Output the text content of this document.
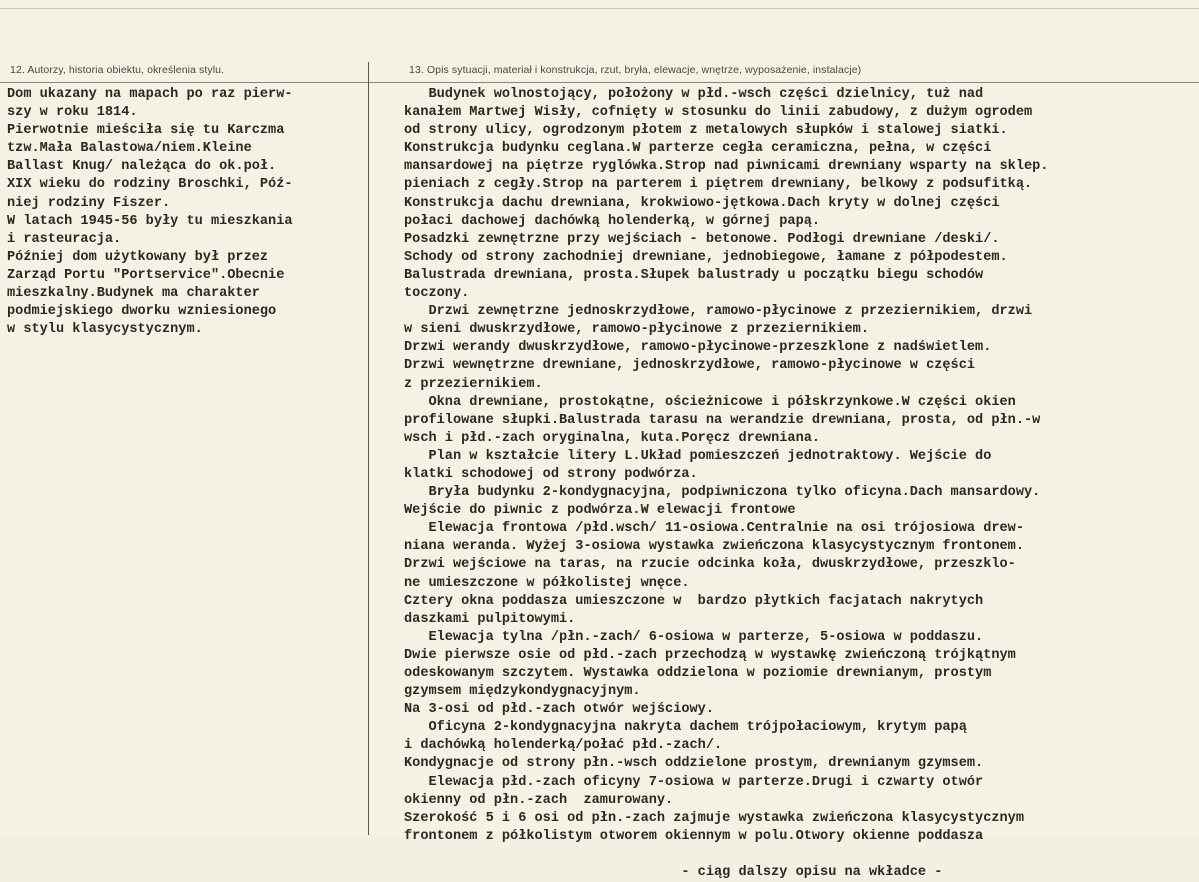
12. Autorzy, historia obiektu, określenia stylu.	13. Opis sytuacji, materiał i konstrukcja, rzut, bryła, elewacje, wnętrze, wyposażenie, instalacje)
Dom ukazany na mapach po raz pierw-
szy w roku 1814.
Pierwotnie mieściła się tu Karczma
tzw.Mała Balastowa/niem.Kleine
Ballast Knug/ należąca do ok.poł.
XIX wieku do rodziny Broschki, Póź-
niej rodziny Fiszer.
W latach 1945-56 były tu mieszkania
i rasteuracja.
Później dom użytkowany był przez
Zarząd Portu "Portservice".Obecnie
mieszkalny.Budynek ma charakter
podmiejskiego dworku wzniesionego
w stylu klasycystycznym.
Budynek wolnostojący, położony w płd.-wsch części dzielnicy, tuż nad
kanałem Martwej Wisły, cofnięty w stosunku do linii zabudowy, z dużym ogrodem
od strony ulicy, ogrodzonym płotem z metalowych słupków i stalowej siatki.
Konstrukcja budynku ceglana.W parterze cegła ceramiczna, pełna, w części
mansardowej na piętrze ryglówka.Strop nad piwnicami drewniany wsparty na sklep.
pieniach z cegły.Strop na parterem i piętrem drewniany, belkowy z podsufitką.
Konstrukcja dachu drewniana, krokwiowo-jętkowa.Dach kryty w dolnej części
połaci dachowej dachówką holenderką, w górnej papą.
Posadzki zewnętrzne przy wejściach - betonowe. Podłogi drewniane /deski/.
Schody od strony zachodniej drewniane, jednobiegowe, łamane z półpodestem.
Balustrada drewniana, prosta.Słupek balustrady u początku biegu schodów
toczony.
Drzwi zewnętrzne jednoskrzydłowe, ramowo-płycinowe z przeziernikiem, drzwi
w sieni dwuskrzydłowe, ramowo-płycinowe z przeziernikiem.
Drzwi werandy dwuskrzydłowe, ramowo-płycinowe-przeszklone z nadświetlem.
Drzwi wewnętrzne drewniane, jednoskrzydłowe, ramowo-płycinowe w części
z przeziernikiem.
Okna drewniane, prostokątne, ościeżnicowe i półskrzynkowe.W części okien
profilowane słupki.Balustrada tarasu na werandzie drewniana, prosta, od płn.-w
wsch i płd.-zach oryginalna, kuta.Poręcz drewniana.
Plan w kształcie litery L.Układ pomieszczeń jednotraktowy. Wejście do
klatki schodowej od strony podwórza.
Bryła budynku 2-kondygnacyjna, podpiwniczona tylko oficyna.Dach mansardowy.
Wejście do piwnic z podwórza.W elewacji frontowe
Elewacja frontowa /płd.wsch/ 11-osiowa.Centralnie na osi trójosiowa drew-
niana weranda. Wyżej 3-osiowa wystawka zwieńczona klasycystycznym frontonem.
Drzwi wejściowe na taras, na rzucie odcinka koła, dwuskrzydłowe, przeszklo-
ne umieszczone w półkolistej wnęce.
Cztery okna poddasza umieszczone w  bardzo płytkich facjatach nakrytych
daszkami pulpitowymi.
Elewacja tylna /płn.-zach/ 6-osiowa w parterze, 5-osiowa w poddaszu.
Dwie pierwsze osie od płd.-zach przechodzą w wystawkę zwieńczoną trójkątnym
odeskowanym szczytem. Wystawka oddzielona w poziomie drewnianym, prostym
gzymsem międzykondygnacyjnym.
Na 3-osi od płd.-zach otwór wejściowy.
Oficyna 2-kondygnacyjna nakryta dachem trójpołaciowym, krytym papą
i dachówką holenderką/połać płd.-zach/.
Kondygnacje od strony płn.-wsch oddzielone prostym, drewnianym gzymsem.
Elewacja płd.-zach oficyny 7-osiowa w parterze.Drugi i czwarty otwór
okienny od płn.-zach  zamurowany.
Szerokość 5 i 6 osi od płn.-zach zajmuje wystawka zwieńczona klasycystycznym
frontonem z półkolistym otworem okiennym w polu.Otwory okienne poddasza
- ciąg dalszy opisu na wkładce -
